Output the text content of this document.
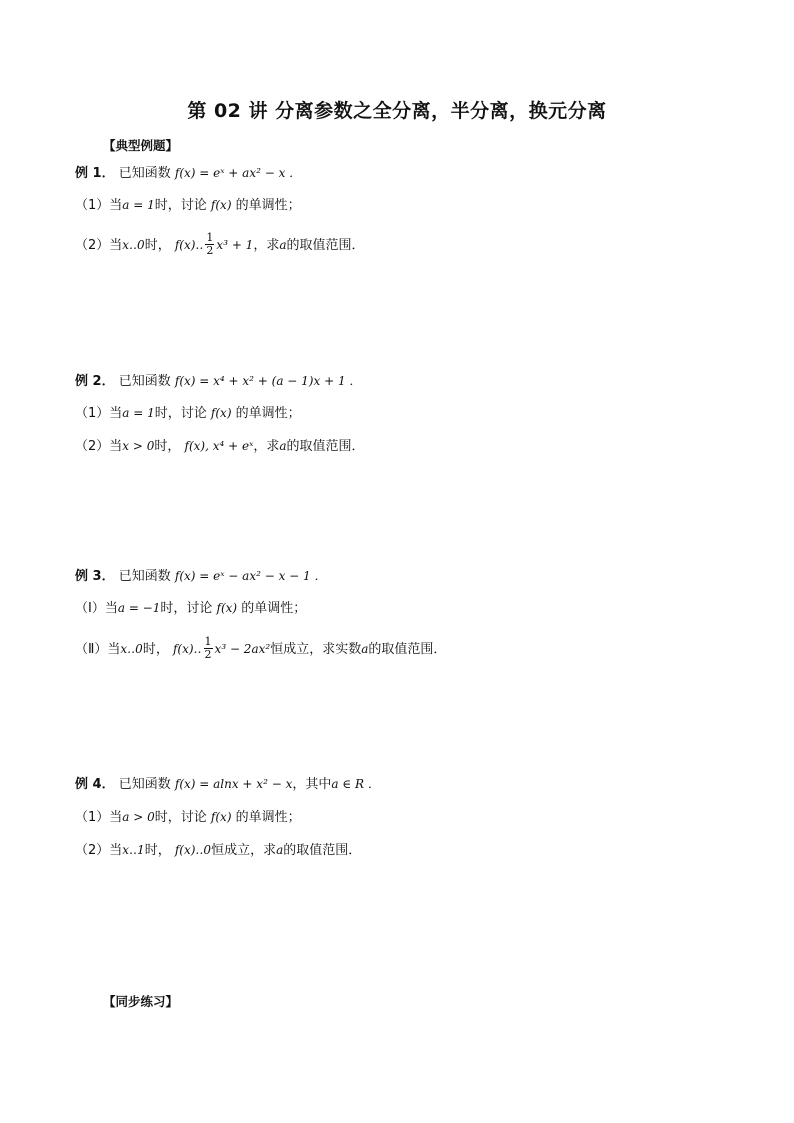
第 02 讲 分离参数之全分离，半分离，换元分离
【典型例题】
例 1． 已知函数 f(x) = eˣ + ax² − x ．
（1）当a = 1时，讨论 f(x) 的单调性；
（2）当x‥0时， f(x)‥ $\frac{1}{2} x^3 + 1$，求a的取值范围．
例 2． 已知函数 f(x) = x⁴ + x² + (a − 1)x + 1 ．
（1）当a = 1时，讨论 f(x) 的单调性；
（2）当x > 0时， f(x), x⁴ + eˣ，求a的取值范围．
例 3． 已知函数 f(x) = eˣ − ax² − x − 1 ．
（Ⅰ）当a = −1时，讨论 f(x) 的单调性；
（Ⅱ）当x‥0时， f(x)‥ $\frac{1}{2} x^3 - 2ax^2$恒成立，求实数a的取值范围．
例 4． 已知函数 f(x) = alnx + x² − x，其中a ∈ R ．
（1）当a > 0时，讨论 f(x) 的单调性；
（2）当x‥1时， f(x)‥0恒成立，求a的取值范围．
【同步练习】
